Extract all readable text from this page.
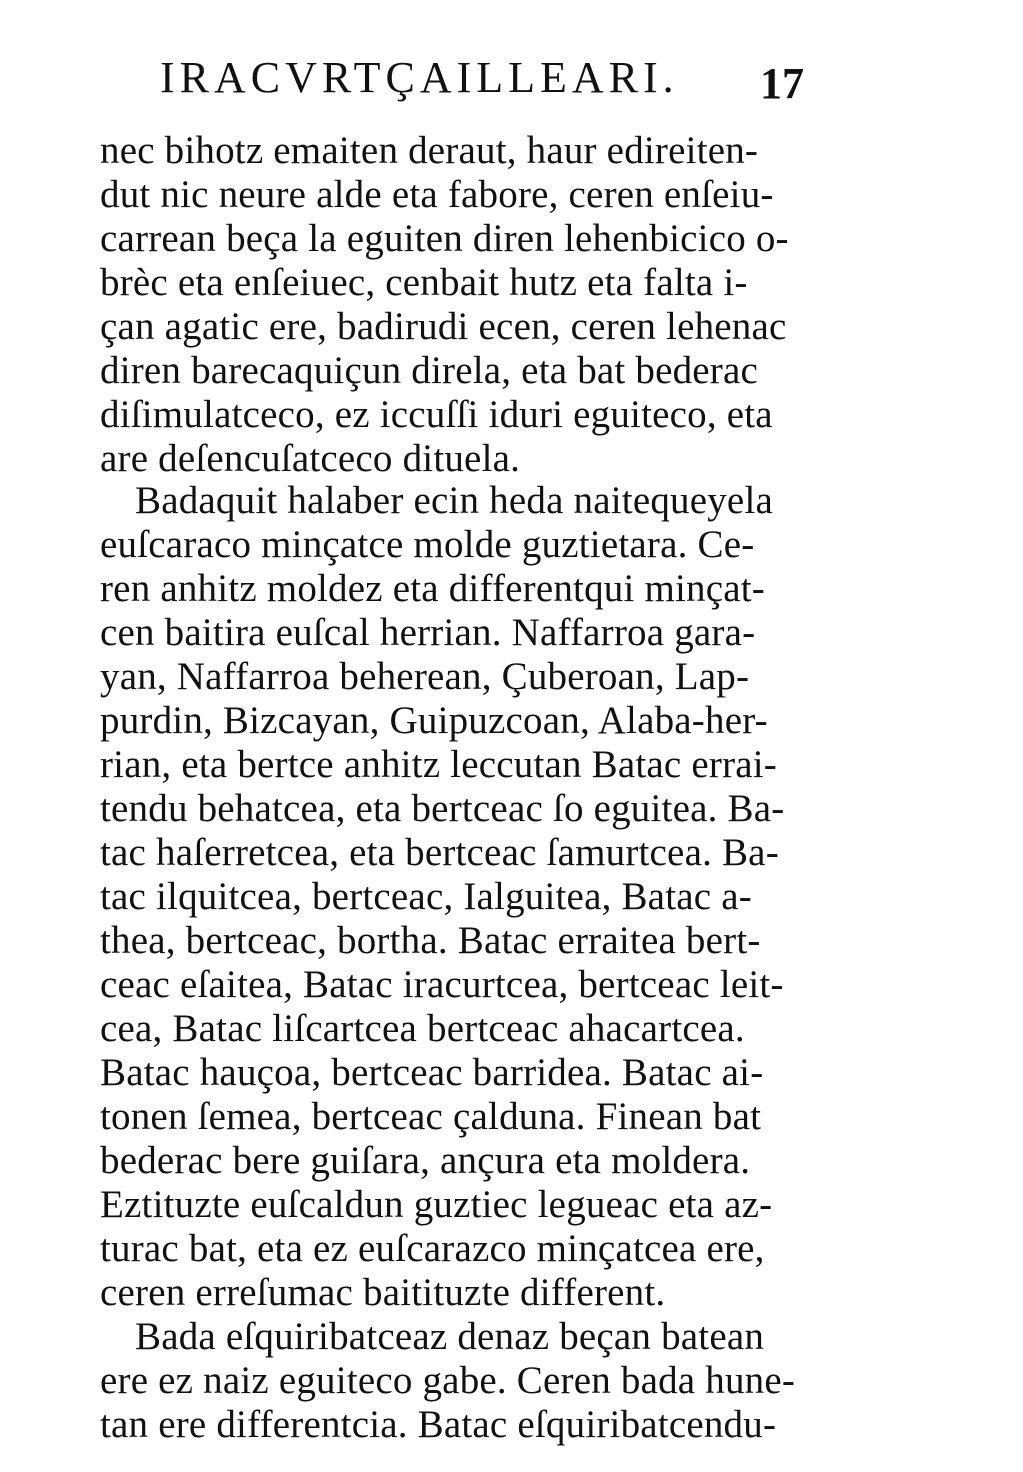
IRACVRTÇAILLEARI. 17
nec bihotz emaiten deraut, haur edireiten-
dut nic neure alde eta fabore, ceren enſeiu-
carrean beça la eguiten diren lehenbicico o-
brèc eta enſeiuec, cenbait hutz eta falta i-
çan agatic ere, badirudi ecen, ceren lehenac
diren barecaquiçun direla, eta bat bederac
diſimulatceco, ez iccuſſi iduri eguiteco, eta
are deſencuſatceco dituela.
Badaquit halaber ecin heda naitequeyela
euſcaraco minçatce molde guztietara. Ce-
ren anhitz moldez eta differentqui minçat-
cen baitira euſcal herrian. Naffarroa gara-
yan, Naffarroa beherean, Çuberoan, Lap-
purdin, Bizcayan, Guipuzcoan, Alaba-her-
rian, eta bertce anhitz leccutan Batac errai-
tendu behatcea, eta bertceac ſo eguitea. Ba-
tac haſerretcea, eta bertceac ſamurtcea. Ba-
tac ilquitcea, bertceac, Ialguitea, Batac a-
thea, bertceac, bortha. Batac erraitea bert-
ceac eſaitea, Batac iracurtcea, bertceac leit-
cea, Batac liſcartcea bertceac ahacartcea.
Batac hauçoa, bertceac barridea. Batac ai-
tonen ſemea, bertceac çalduna. Finean bat
bederac bere guiſara, ançura eta moldera.
Eztituzte euſcaldun guztiec legueac eta az-
turac bat, eta ez euſcarazco minçatcea ere,
ceren erreſumac baitituzte different.
Bada eſquiribatceaz denaz beçan batean
ere ez naiz eguiteco gabe. Ceren bada hune-
tan ere differentcia. Batac eſquiribatcendu-
